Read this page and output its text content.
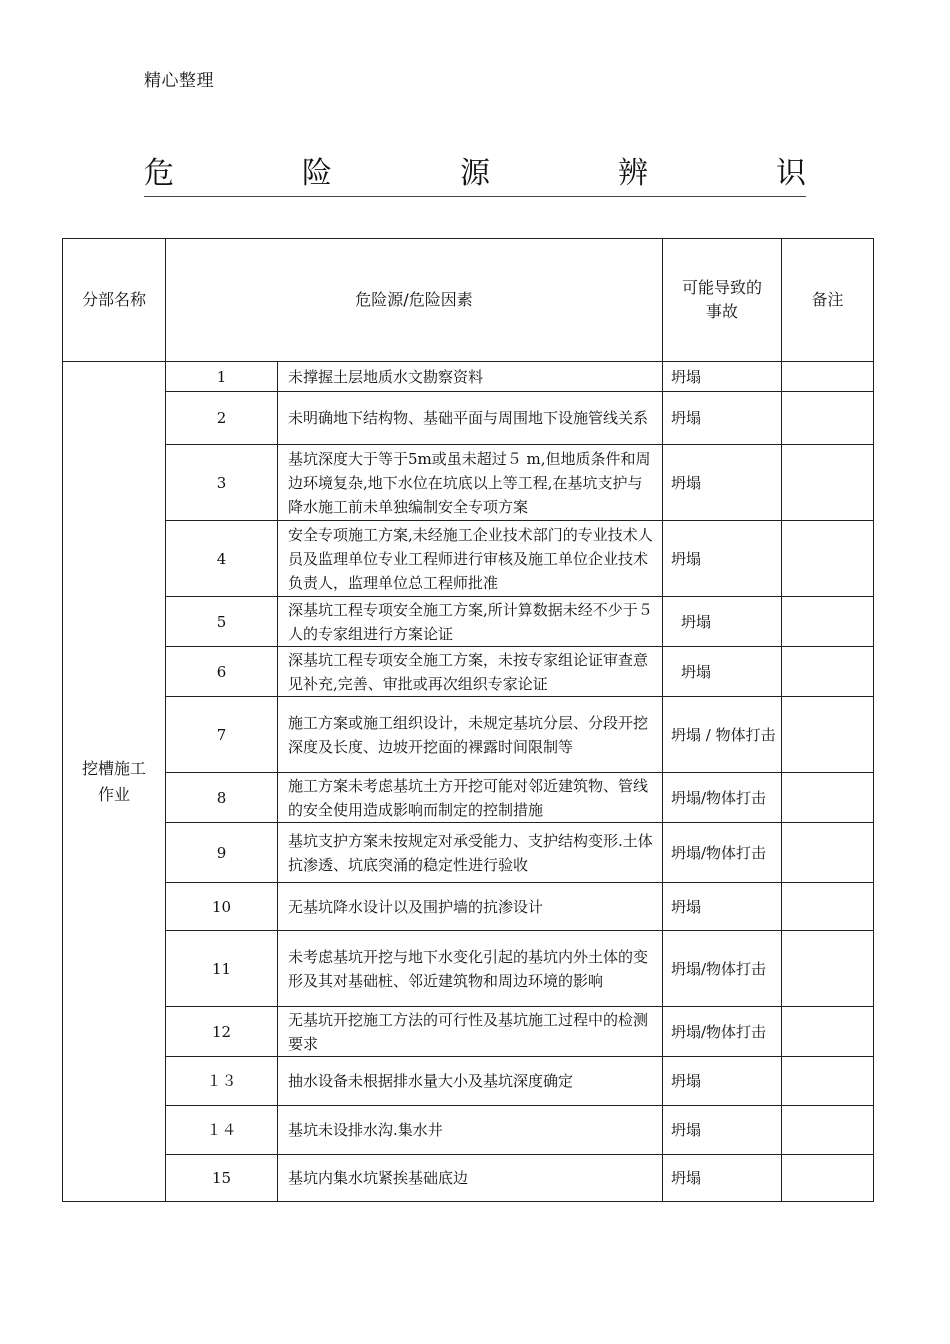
精心整理
危	险	源	辨	识
分部名称	危险源/危险因素		可能导致的事故	备注
挖槽施工作业	1	未撑握土层地质水文勘察资料	坍塌	
	2	未明确地下结构物、基础平面与周围地下设施管线关系	坍塌	
	3	基坑深度大于等于5m或虽未超过５ m,但地质条件和周边环境复杂,地下水位在坑底以上等工程,在基坑支护与降水施工前未单独编制安全专项方案	坍塌	
	4	安全专项施工方案,未经施工企业技术部门的专业技术人员及监理单位专业工程师进行审核及施工单位企业技术负责人，监理单位总工程师批准	坍塌	
	5	深基坑工程专项安全施工方案,所计算数据未经不少于５人的专家组进行方案论证	坍塌	
	6	深基坑工程专项安全施工方案，未按专家组论证审查意见补充,完善、审批或再次组织专家论证	坍塌	
	7	施工方案或施工组织设计，未规定基坑分层、分段开挖深度及长度、边坡开挖面的裸露时间限制等	坍塌 / 物体打击	
	8	施工方案未考虑基坑土方开挖可能对邻近建筑物、管线的安全使用造成影响而制定的控制措施	坍塌/物体打击	
	9	基坑支护方案未按规定对承受能力、支护结构变形.土体抗渗透、坑底突涌的稳定性进行验收	坍塌/物体打击	
	10	无基坑降水设计以及围护墙的抗渗设计	坍塌	
	11	未考虑基坑开挖与地下水变化引起的基坑内外土体的变形及其对基础桩、邻近建筑物和周边环境的影响	坍塌/物体打击	
	12	无基坑开挖施工方法的可行性及基坑施工过程中的检测要求	坍塌/物体打击	
	１３	抽水设备未根据排水量大小及基坑深度确定	坍塌	
	１４	基坑未设排水沟.集水井	坍塌	
	15	基坑内集水坑紧挨基础底边	坍塌	
